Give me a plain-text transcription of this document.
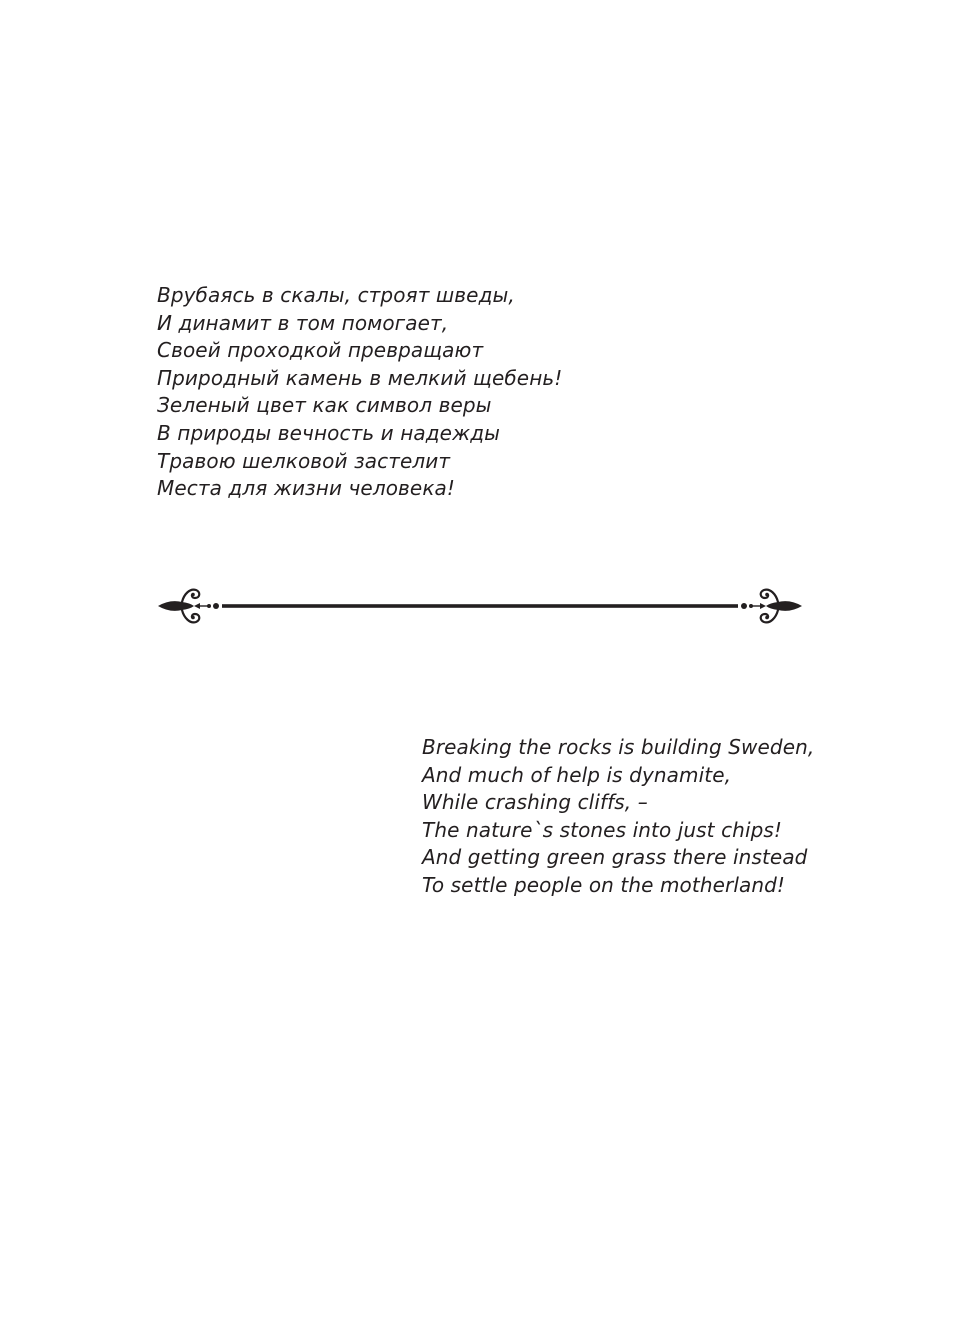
Врубаясь в скалы, строят шведы,
И динамит в том помогает,
Своей проходкой превращают
Природный камень в мелкий щебень!
Зеленый цвет как символ веры
В природы вечность и надежды
Травою шелковой застелит
Места для жизни человека!
Breaking the rocks is building Sweden,
And much of help is dynamite,
While crashing cliffs, –
The nature`s stones into just chips!
And getting green grass there instead
To settle people on the motherland!
